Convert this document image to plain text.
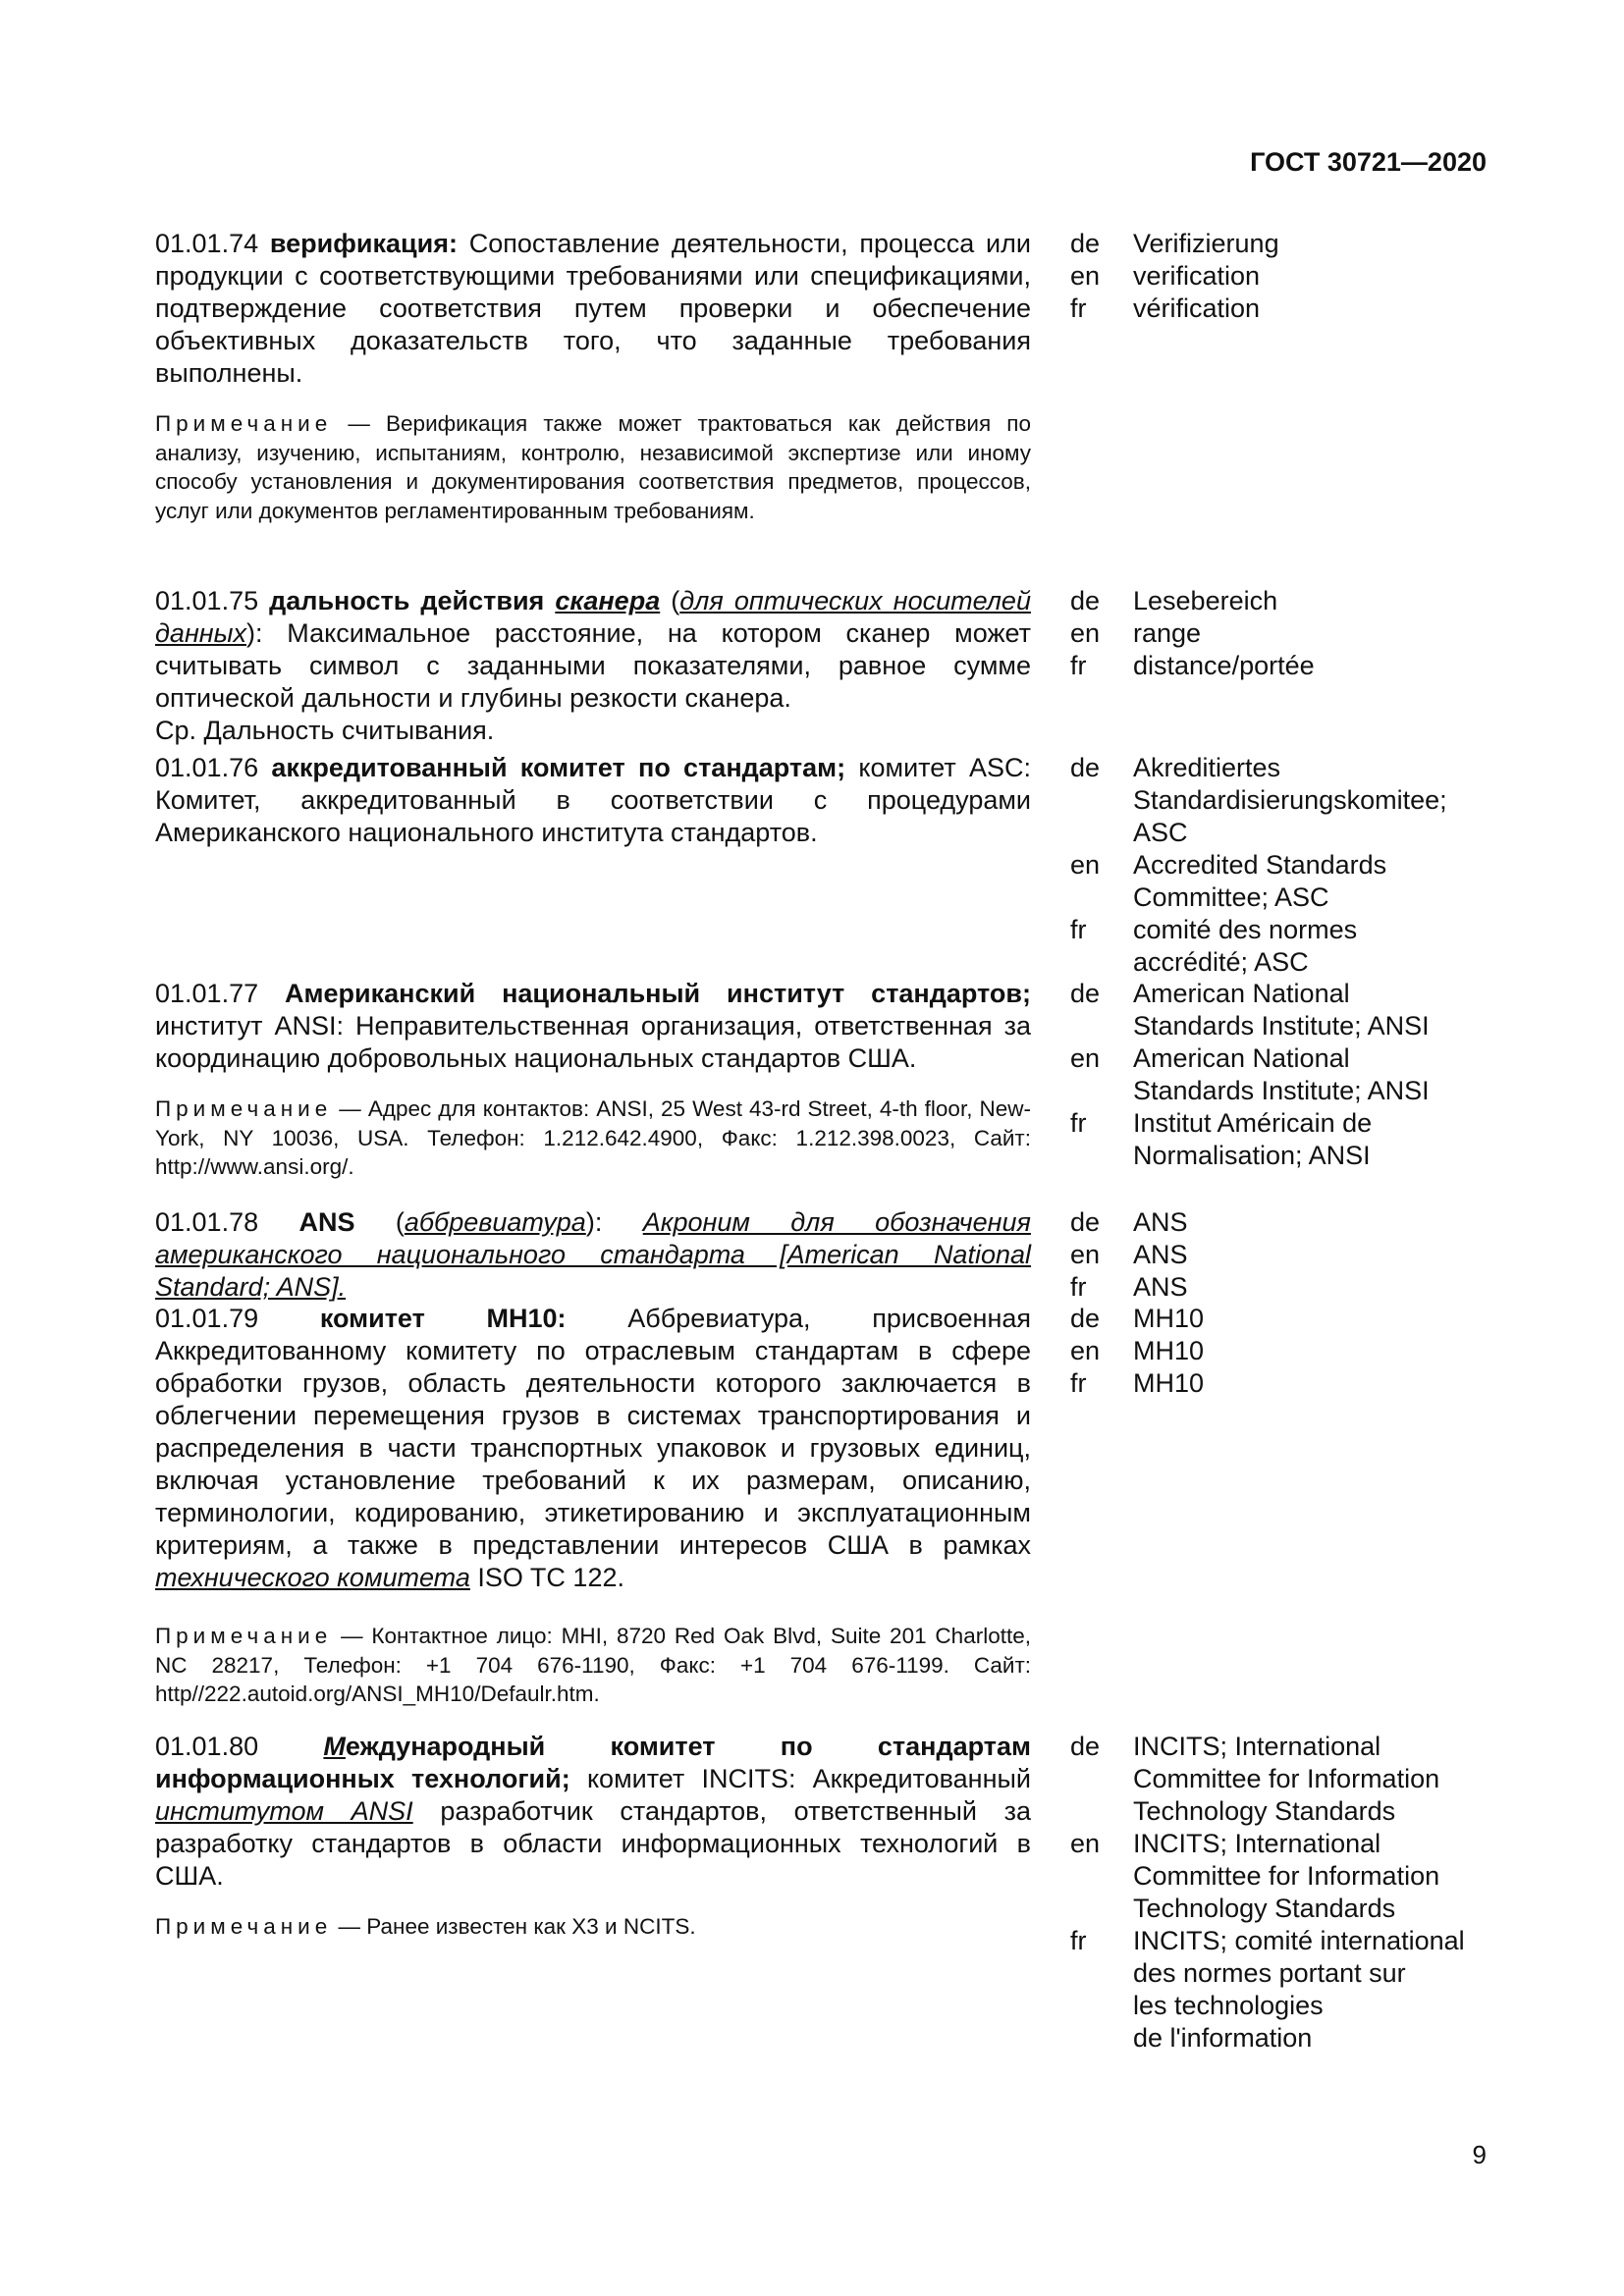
ГОСТ 30721—2020
01.01.74 верификация: Сопоставление деятельности, процесса или продукции с соответствующими требованиями или спецификациями, подтверждение соответствия путем проверки и обеспечение объективных доказательств того, что заданные требования выполнены.
Примечание — Верификация также может трактоваться как действия по анализу, изучению, испытаниям, контролю, независимой экспертизе или иному способу установления и документирования соответствия предметов, процессов, услуг или документов регламентированным требованиям.
de	Verifizierung
en	verification
fr	vérification
01.01.75 дальность действия сканера (для оптических носителей данных): Максимальное расстояние, на котором сканер может считывать символ с заданными показателями, равное сумме оптической дальности и глубины резкости сканера.
Ср. Дальность считывания.
de	Lesebereich
en	range
fr	distance/portée
01.01.76 аккредитованный комитет по стандартам; комитет ASC: Комитет, аккредитованный в соответствии с процедурами Американского национального института стандартов.
de	Akreditiertes
Standardisierungskomitee;
ASC
en	Accredited Standards
Committee; ASC
fr	comité des normes
accrédité; ASC
01.01.77 Американский национальный институт стандартов; институт ANSI: Неправительственная организация, ответственная за координацию добровольных национальных стандартов США.
Примечание — Адрес для контактов: ANSI, 25 West 43-rd Street, 4-th floor, New-York, NY 10036, USA. Телефон: 1.212.642.4900, Факс: 1.212.398.0023, Сайт: http://www.ansi.org/.
de	American National
Standards Institute; ANSI
en	American National
Standards Institute; ANSI
fr	Institut Américain de
Normalisation; ANSI
01.01.78 ANS (аббревиатура): Акроним для обозначения американского национального стандарта [American National Standard; ANS].
de	ANS
en	ANS
fr	ANS
01.01.79 комитет MH10: Аббревиатура, присвоенная Аккредитованному комитету по отраслевым стандартам в сфере обработки грузов, область деятельности которого заключается в облегчении перемещения грузов в системах транспортирования и распределения в части транспортных упаковок и грузовых единиц, включая установление требований к их размерам, описанию, терминологии, кодированию, этикетированию и эксплуатационным критериям, а также в представлении интересов США в рамках технического комитета ISO TC 122.
Примечание — Контактное лицо: MHI, 8720 Red Oak Blvd, Suite 201 Charlotte, NC 28217, Телефон: +1 704 676-1190, Факс: +1 704 676-1199. Сайт: http//222.autoid.org/ANSI_MH10/Defaulr.htm.
de	MH10
en	MH10
fr	MH10
01.01.80 Международный комитет по стандартам информационных технологий; комитет INCITS: Аккредитованный институтом ANSI разработчик стандартов, ответственный за разработку стандартов в области информационных технологий в США.
Примечание — Ранее известен как X3 и NCITS.
de	INCITS; International
Committee for Information
Technology Standards
en	INCITS; International
Committee for Information
Technology Standards
fr	INCITS; comité international
des normes portant sur
les technologies
de l'information
9
